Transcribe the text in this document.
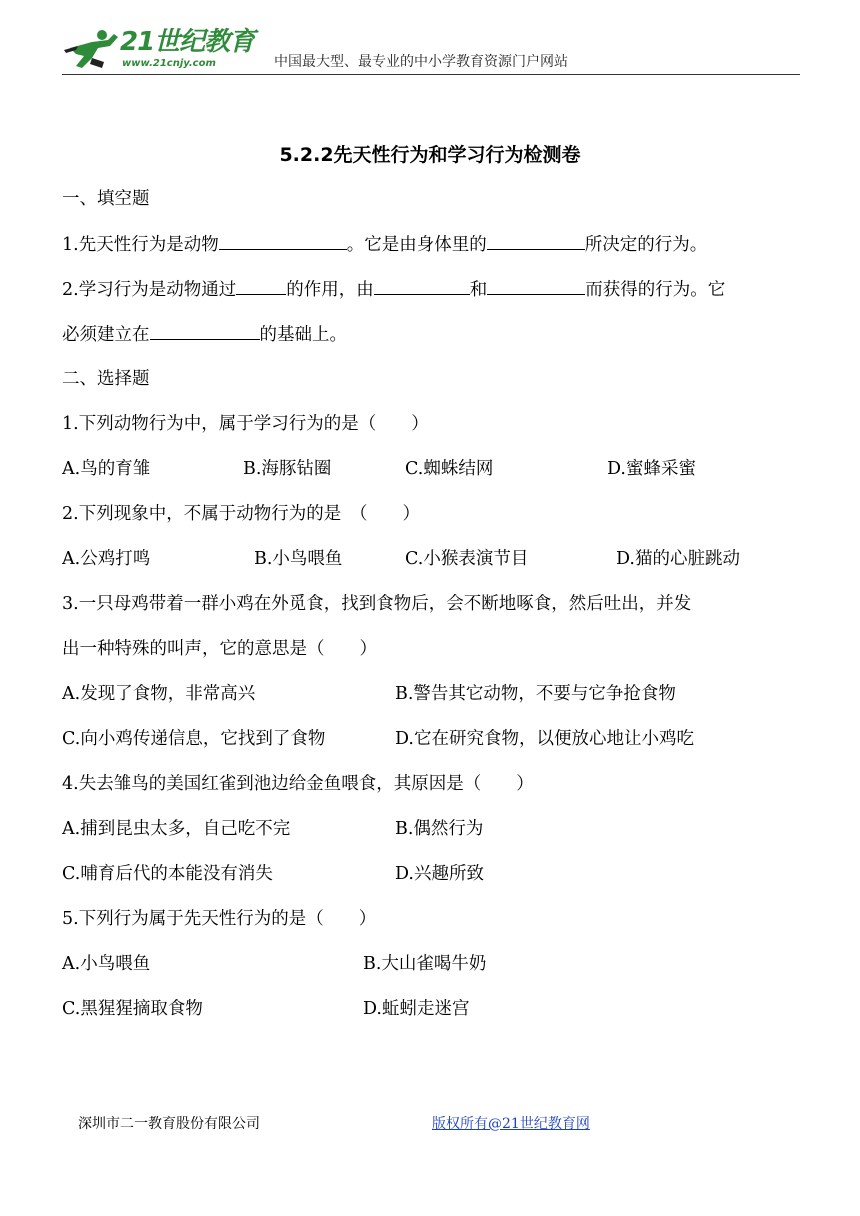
21世纪教育
www.21cnjy.com	中国最大型、最专业的中小学教育资源门户网站
5.2.2先天性行为和学习行为检测卷
一、填空题
1.先天性行为是动物	。它是由身体里的	所决定的行为。
2.学习行为是动物通过	的作用，由	和	而获得的行为。它
必须建立在	的基础上。
二、选择题
1.下列动物行为中，属于学习行为的是（　　）
A.鸟的育雏	B.海豚钻圈	C.蜘蛛结网	D.蜜蜂采蜜
2.下列现象中，不属于动物行为的是　（　　）
A.公鸡打鸣	B.小鸟喂鱼	C.小猴表演节目	D.猫的心脏跳动
3.一只母鸡带着一群小鸡在外觅食，找到食物后，会不断地啄食，然后吐出，并发
出一种特殊的叫声，它的意思是（　　）
A.发现了食物，非常高兴	B.警告其它动物，不要与它争抢食物
C.向小鸡传递信息，它找到了食物	D.它在研究食物，以便放心地让小鸡吃
4.失去雏鸟的美国红雀到池边给金鱼喂食，其原因是（　　）
A.捕到昆虫太多，自己吃不完	B.偶然行为
C.哺育后代的本能没有消失	D.兴趣所致
5.下列行为属于先天性行为的是（　　）
A.小鸟喂鱼	B.大山雀喝牛奶
C.黑猩猩摘取食物	D.蚯蚓走迷宫
深圳市二一教育股份有限公司	版权所有@21世纪教育网
